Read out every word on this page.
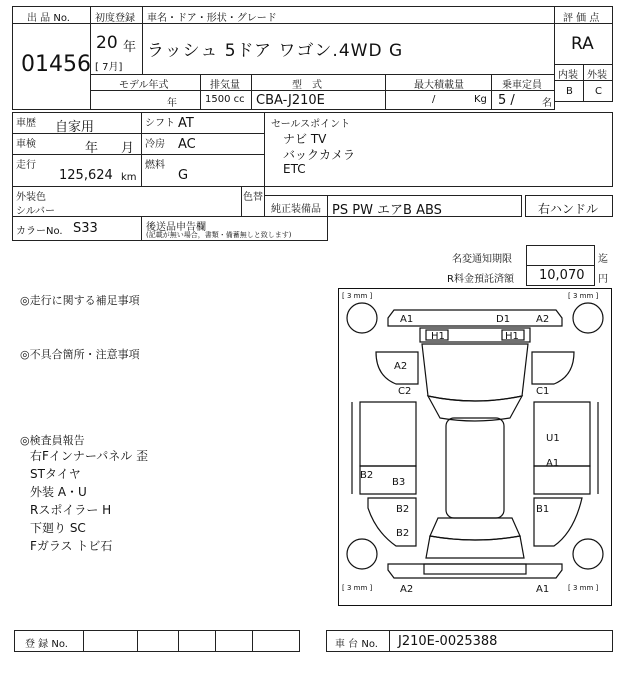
出 品 No.
01456
初度登録
20 年
[ 7月]
車名・ドア・形状・グレード
ラッシュ 5ドア ワゴン.4WD G
評 価 点
RA
内装 外装
B C
モデル年式
年
排気量
1500 cc
型　式
CBA-J210E
最大積載量
/	Kg
乗車定員
5 /	名
車歴 自家用
車検	年 月
走行
125,624 km
シフト AT
冷房 AC
燃料
G
セールスポイント
ナビ TV
バックカメラ
ETC
外装色
シルバー
色替
純正装備品 PS PW エアB ABS	右ハンドル
カラーNo. S33	後送品申告欄
(記載が無い場合，書類・備蓄無しと致します)
名変通知期限	迄
R料金預託済額 10,070 円
◎走行に関する補足事項
◎不具合箇所・注意事項
◎検査員報告
右Fインナーパネル 歪
STタイヤ
外装 A・U
Rスポイラー H
下廻り SC
Fガラス トビ石
[ 3 mm ]	[ 3 mm ]
[ 3 mm ]	[ 3 mm ]
A1	D1	A2
H1	H1
A2
C2	C1
U1
A1
B2
B3
B1
B2
B2
A2	A1
登 録 No.	車 台 No. J210E-0025388
